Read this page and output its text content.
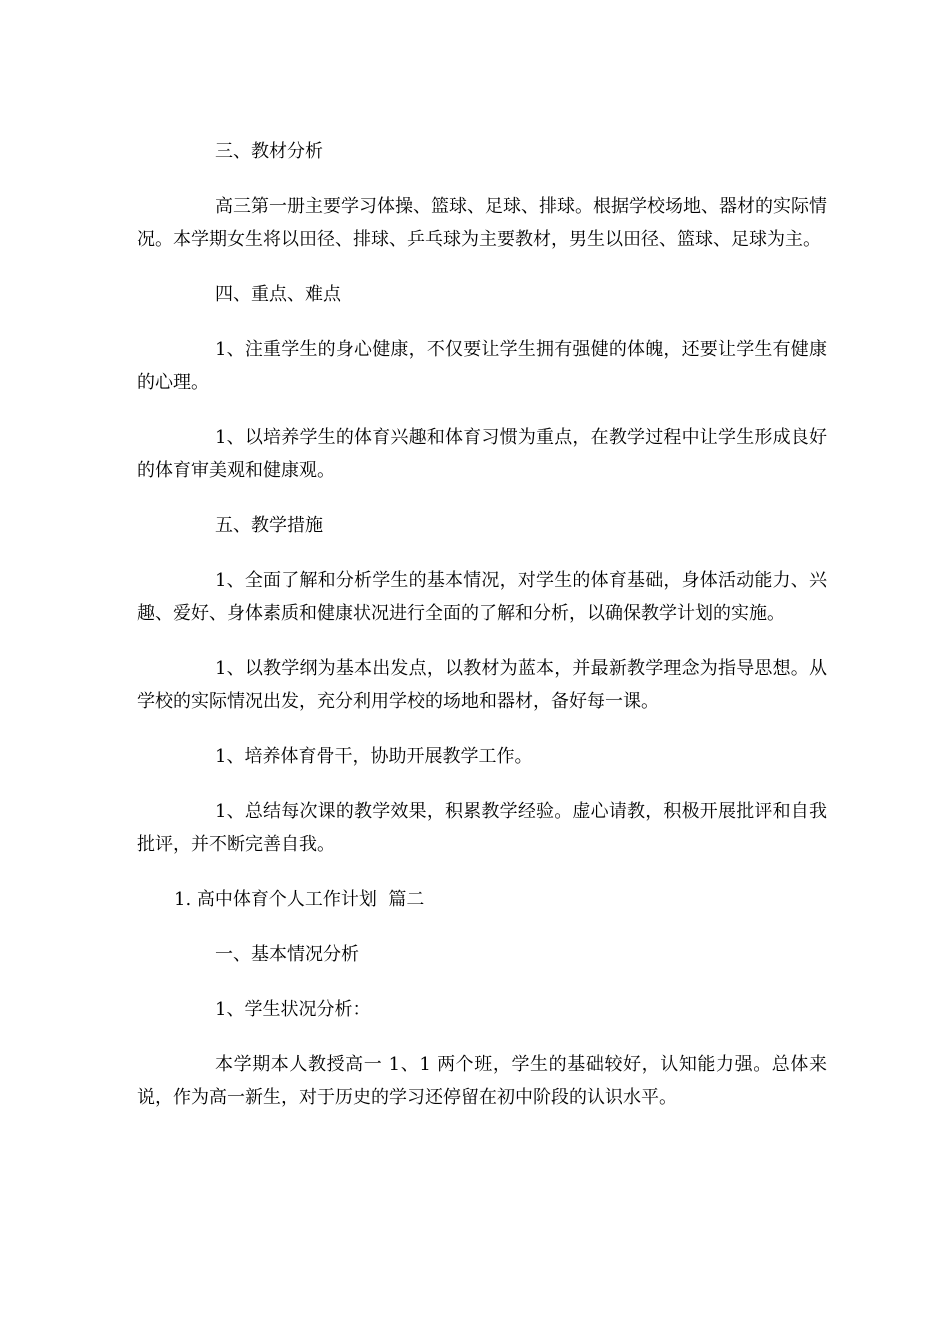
三、教材分析

高三第一册主要学习体操、篮球、足球、排球。根据学校场地、器材的实际情况。本学期女生将以田径、排球、乒乓球为主要教材，男生以田径、篮球、足球为主。

四、重点、难点

1、注重学生的身心健康，不仅要让学生拥有强健的体魄，还要让学生有健康的心理。

1、以培养学生的体育兴趣和体育习惯为重点，在教学过程中让学生形成良好的体育审美观和健康观。

五、教学措施

1、全面了解和分析学生的基本情况，对学生的体育基础，身体活动能力、兴趣、爱好、身体素质和健康状况进行全面的了解和分析，以确保教学计划的实施。

1、以教学纲为基本出发点，以教材为蓝本，并最新教学理念为指导思想。从学校的实际情况出发，充分利用学校的场地和器材，备好每一课。

1、培养体育骨干，协助开展教学工作。

1、总结每次课的教学效果，积累教学经验。虚心请教，积极开展批评和自我批评，并不断完善自我。

1. 高中体育个人工作计划  篇二

一、基本情况分析

1、学生状况分析：

本学期本人教授高一 1、1 两个班，学生的基础较好，认知能力强。总体来说，作为高一新生，对于历史的学习还停留在初中阶段的认识水平。
